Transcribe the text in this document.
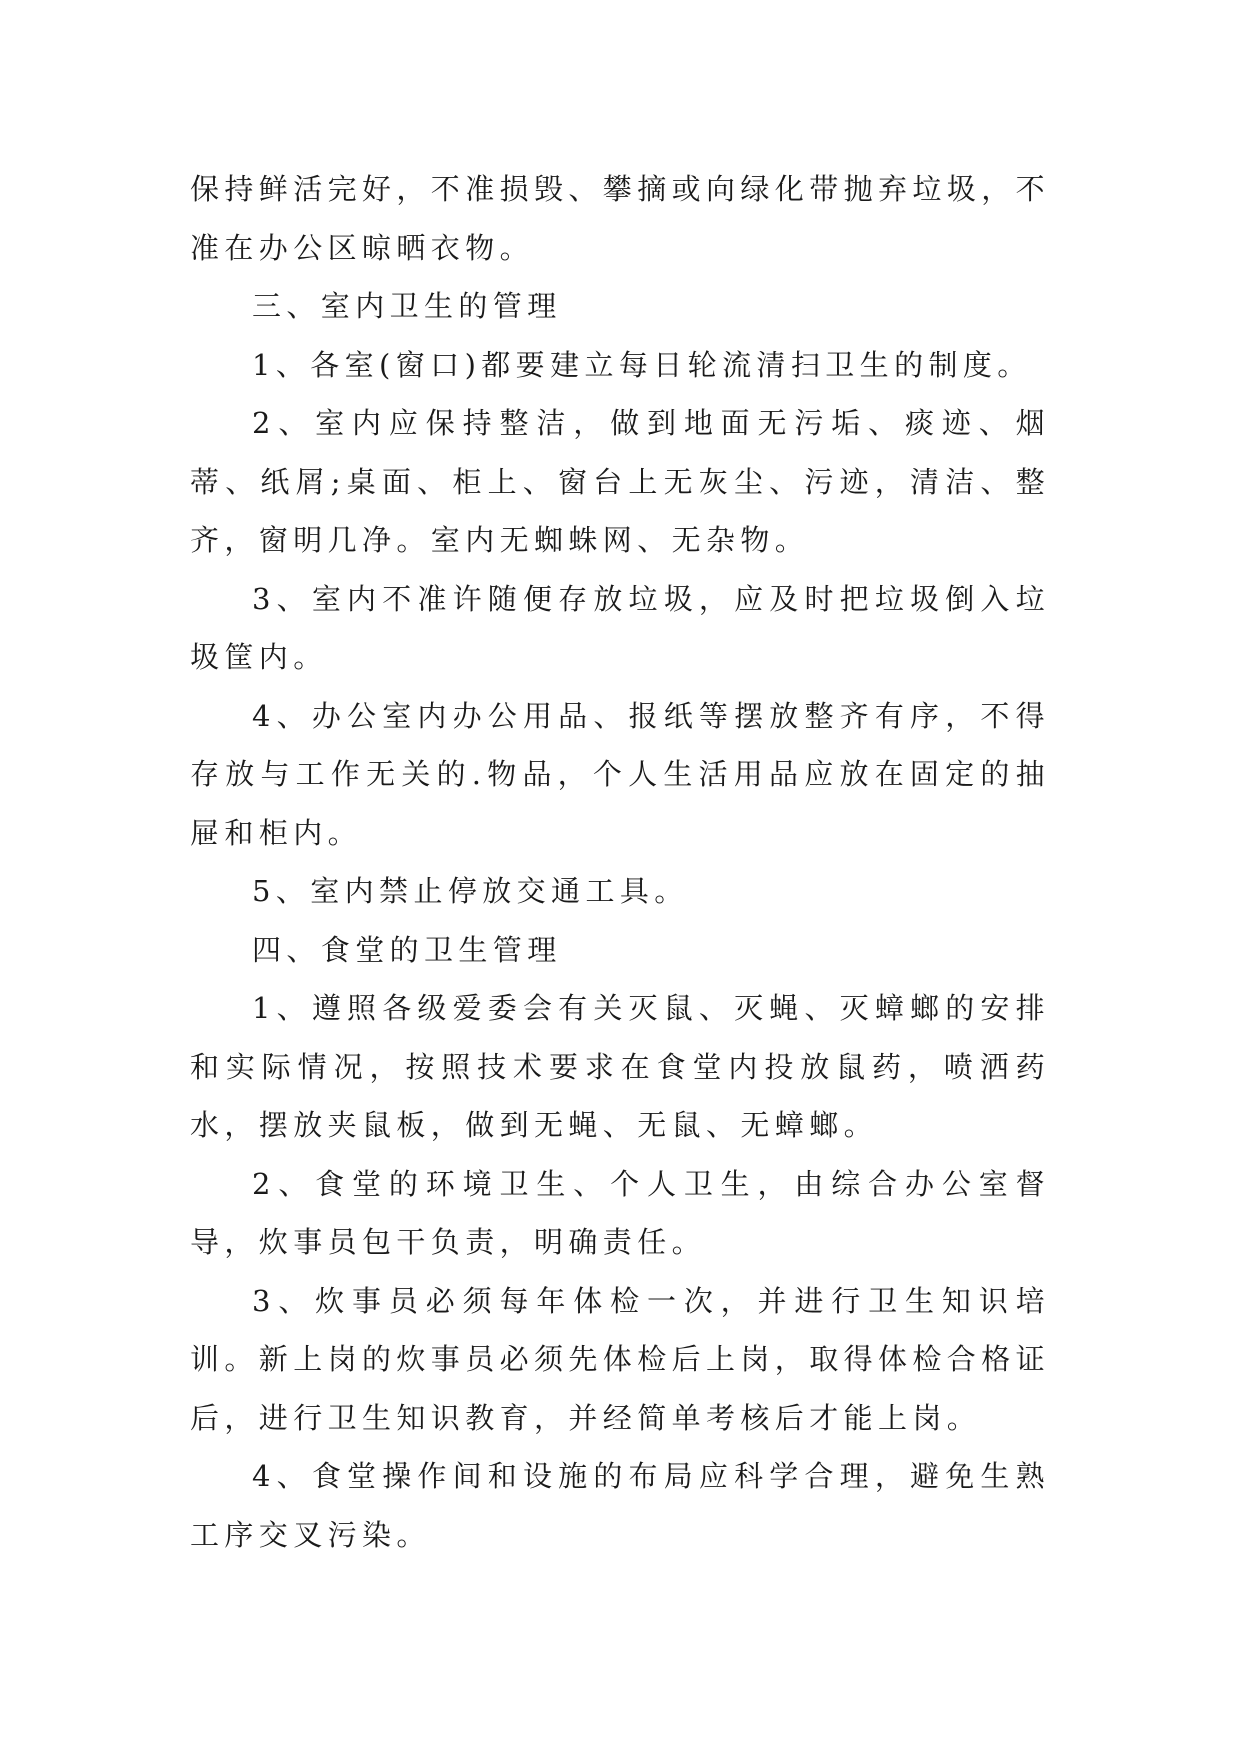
保持鲜活完好，不准损毁、攀摘或向绿化带抛弃垃圾，不准在办公区晾晒衣物。

三、室内卫生的管理

1、各室(窗口)都要建立每日轮流清扫卫生的制度。

2、室内应保持整洁，做到地面无污垢、痰迹、烟蒂、纸屑;桌面、柜上、窗台上无灰尘、污迹，清洁、整齐，窗明几净。室内无蜘蛛网、无杂物。

3、室内不准许随便存放垃圾，应及时把垃圾倒入垃圾筐内。

4、办公室内办公用品、报纸等摆放整齐有序，不得存放与工作无关的.物品，个人生活用品应放在固定的抽屉和柜内。

5、室内禁止停放交通工具。

四、食堂的卫生管理

1、遵照各级爱委会有关灭鼠、灭蝇、灭蟑螂的安排和实际情况，按照技术要求在食堂内投放鼠药，喷洒药水，摆放夹鼠板，做到无蝇、无鼠、无蟑螂。

2、食堂的环境卫生、个人卫生，由综合办公室督导，炊事员包干负责，明确责任。

3、炊事员必须每年体检一次，并进行卫生知识培训。新上岗的炊事员必须先体检后上岗，取得体检合格证后，进行卫生知识教育，并经简单考核后才能上岗。

4、食堂操作间和设施的布局应科学合理，避免生熟工序交叉污染。
